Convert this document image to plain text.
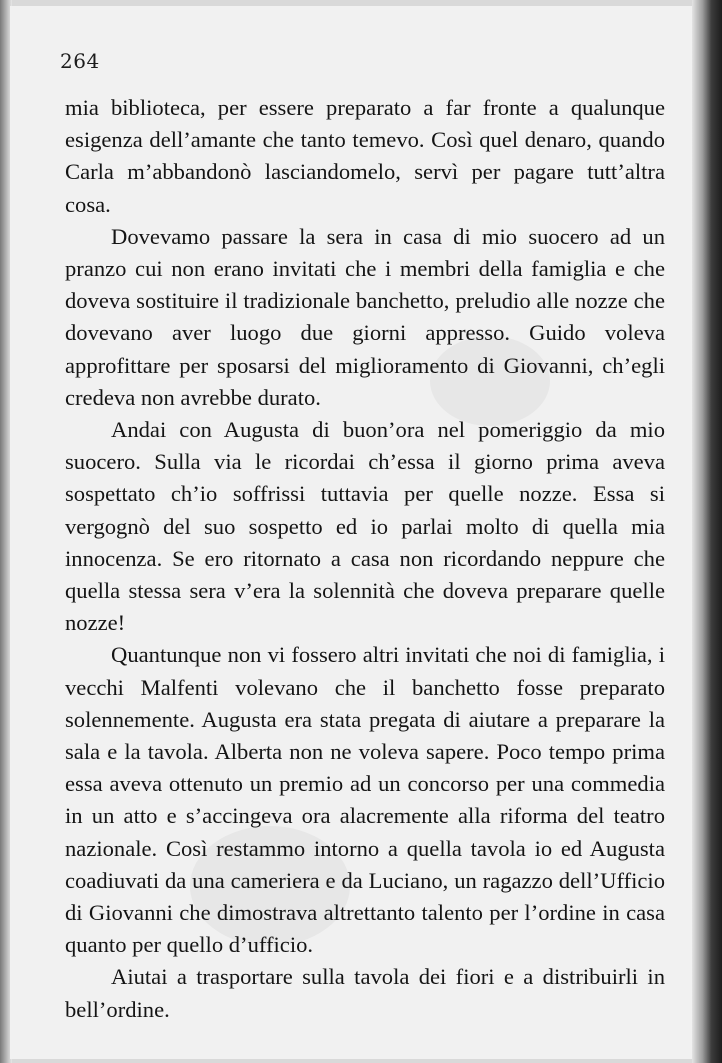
264

mia biblioteca, per essere preparato a far fronte a qualunque esigenza dell’amante che tanto temevo. Così quel denaro, quando Carla m’abbandonò lasciandomelo, servì per pagare tutt’altra cosa.

Dovevamo passare la sera in casa di mio suocero ad un pranzo cui non erano invitati che i membri della famiglia e che doveva sostituire il tradizionale banchetto, preludio alle nozze che dovevano aver luogo due giorni appresso. Guido voleva approfittare per sposarsi del miglioramento di Giovanni, ch’egli credeva non avrebbe durato.

Andai con Augusta di buon’ora nel pomeriggio da mio suocero. Sulla via le ricordai ch’essa il giorno prima aveva sospettato ch’io soffrissi tuttavia per quelle nozze. Essa si vergognò del suo sospetto ed io parlai molto di quella mia innocenza. Se ero ritornato a casa non ricordando neppure che quella stessa sera v’era la solennità che doveva preparare quelle nozze!

Quantunque non vi fossero altri invitati che noi di famiglia, i vecchi Malfenti volevano che il banchetto fosse preparato solennemente. Augusta era stata pregata di aiutare a preparare la sala e la tavola. Alberta non ne voleva sapere. Poco tempo prima essa aveva ottenuto un premio ad un concorso per una commedia in un atto e s’accingeva ora alacremente alla riforma del teatro nazionale. Così restammo intorno a quella tavola io ed Augusta coadiuvati da una cameriera e da Luciano, un ragazzo dell’Ufficio di Giovanni che dimostrava altrettanto talento per l’ordine in casa quanto per quello d’ufficio.

Aiutai a trasportare sulla tavola dei fiori e a distribuirli in bell’ordine.
